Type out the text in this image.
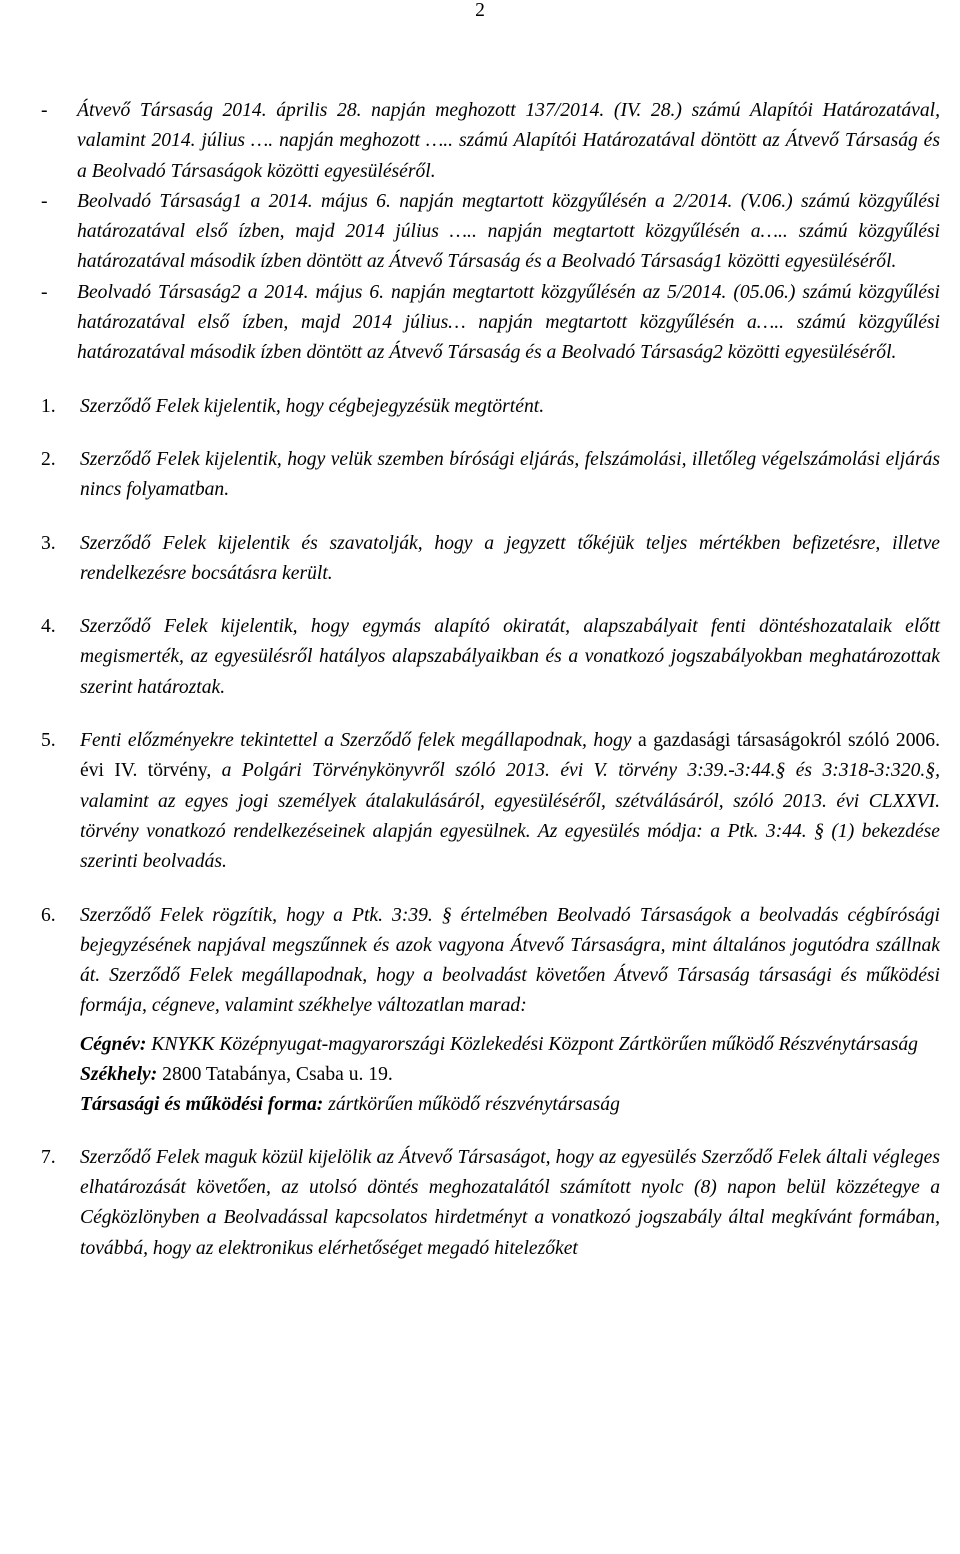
2
- Átvevő Társaság 2014. április 28. napján meghozott 137/2014. (IV. 28.) számú Alapítói Határozatával, valamint 2014. július …. napján meghozott ….. számú Alapítói Határozatával döntött az Átvevő Társaság és a Beolvadó Társaságok közötti egyesüléséről.
- Beolvadó Társaság1 a 2014. május 6. napján megtartott közgyűlésén a 2/2014. (V.06.) számú közgyűlési határozatával első ízben, majd 2014 július ….. napján megtartott közgyűlésén a….. számú közgyűlési határozatával második ízben döntött az Átvevő Társaság és a Beolvadó Társaság1 közötti egyesüléséről.
- Beolvadó Társaság2 a 2014. május 6. napján megtartott közgyűlésén az 5/2014. (05.06.) számú közgyűlési határozatával első ízben, majd 2014 július… napján megtartott közgyűlésén a….. számú közgyűlési határozatával második ízben döntött az Átvevő Társaság és a Beolvadó Társaság2 közötti egyesüléséről.
1. Szerződő Felek kijelentik, hogy cégbejegyzésük megtörtént.
2. Szerződő Felek kijelentik, hogy velük szemben bírósági eljárás, felszámolási, illetőleg végelszámolási eljárás nincs folyamatban.
3. Szerződő Felek kijelentik és szavatolják, hogy a jegyzett tőkéjük teljes mértékben befizetésre, illetve rendelkezésre bocsátásra került.
4. Szerződő Felek kijelentik, hogy egymás alapító okiratát, alapszabályait fenti döntéshozatalaik előtt megismerték, az egyesülésről hatályos alapszabályaikban és a vonatkozó jogszabályokban meghatározottak szerint határoztak.
5. Fenti előzményekre tekintettel a Szerződő felek megállapodnak, hogy a gazdasági társaságokról szóló 2006. évi IV. törvény, a Polgári Törvénykönyvről szóló 2013. évi V. törvény 3:39.-3:44.§ és 3:318-3:320.§, valamint az egyes jogi személyek átalakulásáról, egyesüléséről, szétválásáról, szóló 2013. évi CLXXVI. törvény vonatkozó rendelkezéseinek alapján egyesülnek. Az egyesülés módja: a Ptk. 3:44. § (1) bekezdése szerinti beolvadás.
6. Szerződő Felek rögzítik, hogy a Ptk. 3:39. § értelmében Beolvadó Társaságok a beolvadás cégbírósági bejegyzésének napjával megszűnnek és azok vagyona Átvevő Társaságra, mint általános jogutódra szállnak át. Szerződő Felek megállapodnak, hogy a beolvadást követően Átvevő Társaság társasági és működési formája, cégneve, valamint székhelye változatlan marad:

Cégnév: KNYKK Középnyugat-magyarországi Közlekedési Központ Zártkörűen működő Részvénytársaság

Székhely: 2800 Tatabánya, Csaba u. 19.

Társasági és működési forma: zártkörűen működő részvénytársaság

7. Szerződő Felek maguk közül kijelölik az Átvevő Társaságot, hogy az egyesülés Szerződő Felek általi végleges elhatározását követően, az utolsó döntés meghozatalától számított nyolc (8) napon belül közzétegye a Cégközlönyben a Beolvadással kapcsolatos hirdetményt a vonatkozó jogszabály által megkívánt formában, továbbá, hogy az elektronikus elérhetőséget megadó hitelezőket
